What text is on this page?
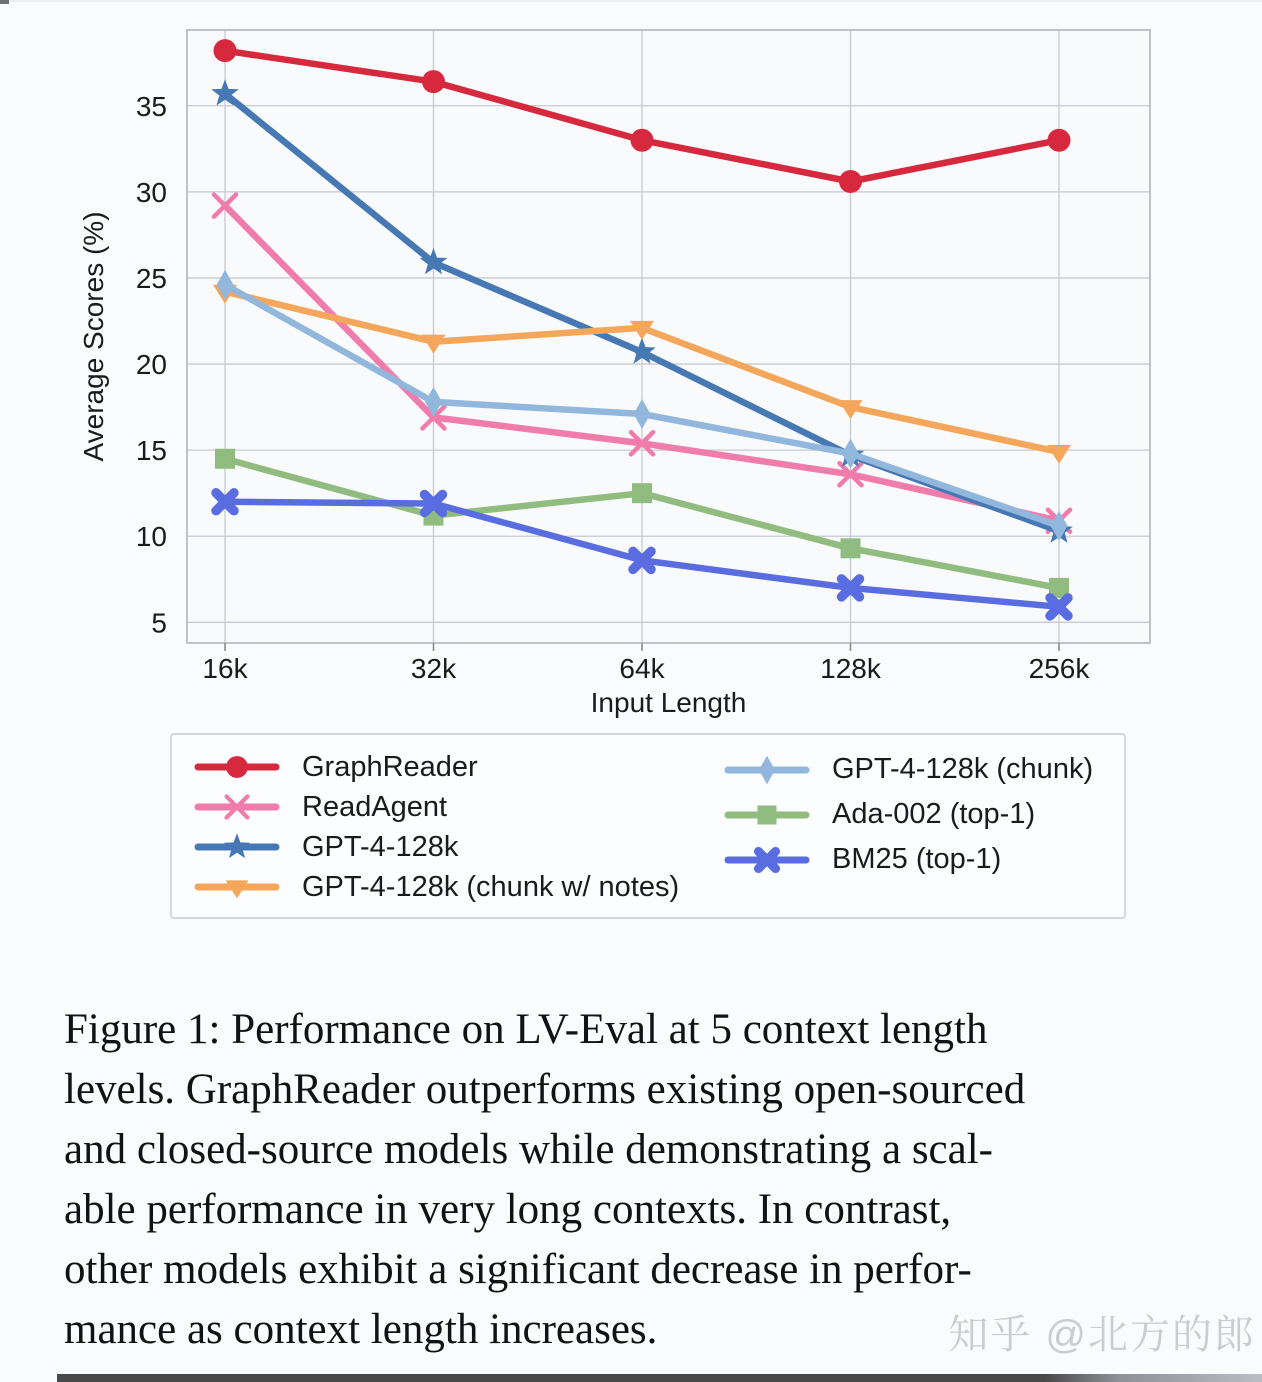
5
10
15
20
25
30
35
16k	32k	64k	128k	256k
Input Length
Average Scores (%)
GraphReader
ReadAgent
GPT-4-128k
GPT-4-128k (chunk w/ notes)
GPT-4-128k (chunk)
Ada-002 (top-1)
BM25 (top-1)
Figure 1: Performance on LV-Eval at 5 context length
levels. GraphReader outperforms existing open-sourced
and closed-source models while demonstrating a scal-
able performance in very long contexts. In contrast,
other models exhibit a significant decrease in perfor-
mance as context length increases.	知乎 @北方的郎
